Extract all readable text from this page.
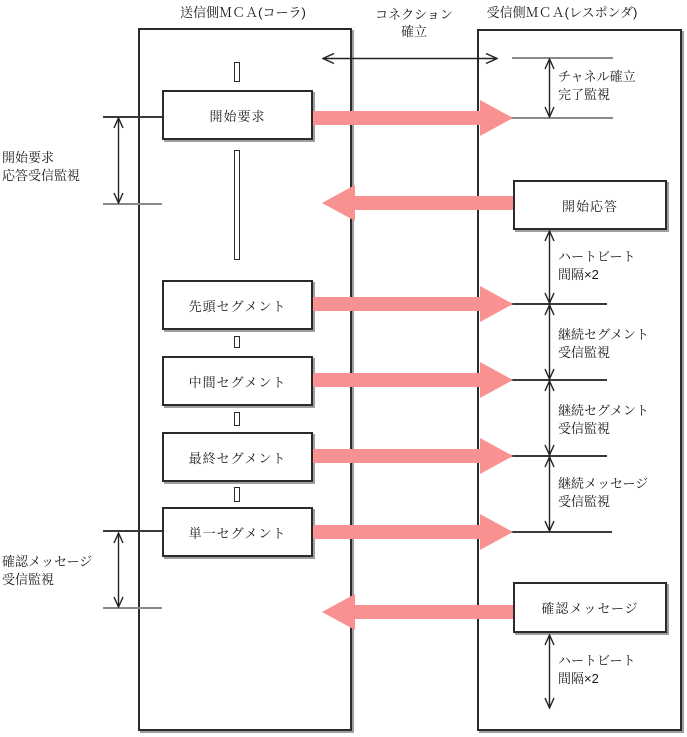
送信側ＭＣＡ(コーラ)	受信側ＭＣＡ(レスポンダ)
コネクション
確立
開始要求
先頭セグメント
中間セグメント
最終セグメント
単一セグメント
開始応答
確認メッセージ
チャネル確立
完了監視
ハートビート
間隔×2
継続セグメント
受信監視
継続セグメント
受信監視
継続メッセージ
受信監視
ハートビート
間隔×2
開始要求
応答受信監視
確認メッセージ
受信監視
